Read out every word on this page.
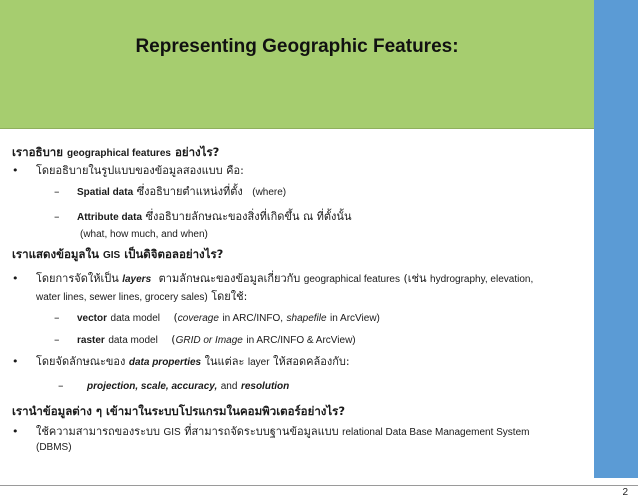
Representing Geographic Features:
เราอธิบาย geographical features อย่างไร?
• โดยอธิบายในรูปแบบของข้อมูลสองแบบ คือ:
– Spatial data ซึ่งอธิบายตำแหน่งที่ตั้ง (where)
– Attribute data ซึ่งอธิบายลักษณะของสิ่งที่เกิดขึ้น ณ ที่ตั้งนั้น
(what, how much, and when)
เราแสดงข้อมูลใน GIS เป็นดิจิตอลอย่างไร?
• โดยการจัดให้เป็น layers ตามลักษณะของข้อมูลเกี่ยวกับ geographical features (เช่น hydrography, elevation,
water lines, sewer lines, grocery sales) โดยใช้:
– vector data model (coverage in ARC/INFO, shapefile in ArcView)
– raster data model (GRID or Image in ARC/INFO & ArcView)
• โดยจัดลักษณะของ data properties ในแต่ละ layer ให้สอดคล้องกับ:
– projection, scale, accuracy, and resolution
เรานำข้อมูลต่าง ๆ เข้ามาในระบบโปรแกรมในคอมพิวเตอร์อย่างไร?
• ใช้ความสามารถของระบบ GIS ที่สามารถจัดระบบฐานข้อมูลแบบ relational Data Base Management System
(DBMS)
2
